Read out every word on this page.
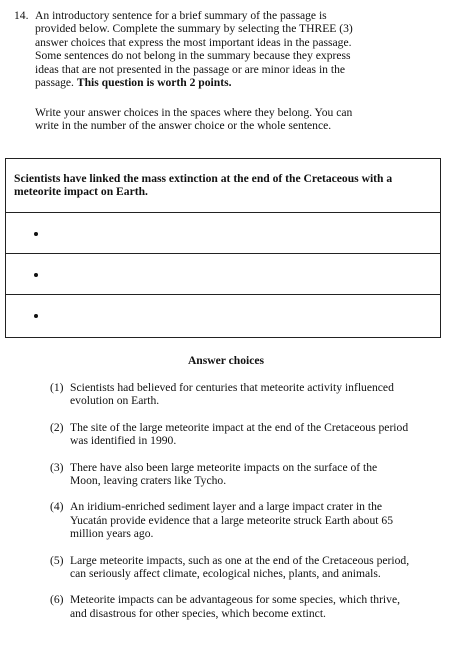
14. An introductory sentence for a brief summary of the passage is provided below. Complete the summary by selecting the THREE (3) answer choices that express the most important ideas in the passage. Some sentences do not belong in the summary because they express ideas that are not presented in the passage or are minor ideas in the passage. This question is worth 2 points.
Write your answer choices in the spaces where they belong. You can write in the number of the answer choice or the whole sentence.
Scientists have linked the mass extinction at the end of the Cretaceous with a meteorite impact on Earth.
Answer choices
(1) Scientists had believed for centuries that meteorite activity influenced evolution on Earth.
(2) The site of the large meteorite impact at the end of the Cretaceous period was identified in 1990.
(3) There have also been large meteorite impacts on the surface of the Moon, leaving craters like Tycho.
(4) An iridium-enriched sediment layer and a large impact crater in the Yucatán provide evidence that a large meteorite struck Earth about 65 million years ago.
(5) Large meteorite impacts, such as one at the end of the Cretaceous period, can seriously affect climate, ecological niches, plants, and animals.
(6) Meteorite impacts can be advantageous for some species, which thrive, and disastrous for other species, which become extinct.
